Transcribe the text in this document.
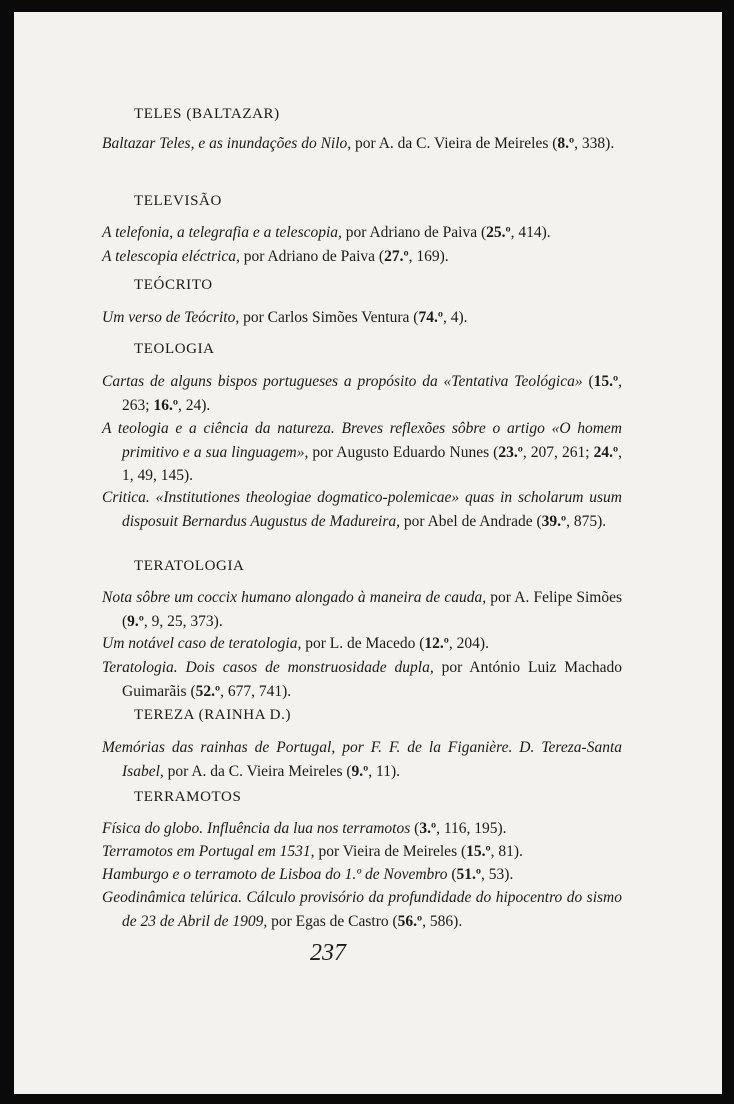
TELES (BALTAZAR)
Baltazar Teles, e as inundações do Nilo, por A. da C. Vieira de Meireles (8.º, 338).
TELEVISÃO
A telefonia, a telegrafia e a telescopia, por Adriano de Paiva (25.º, 414).
A telescopia eléctrica, por Adriano de Paiva (27.º, 169).
TEÓCRITO
Um verso de Teócrito, por Carlos Simões Ventura (74.º, 4).
TEOLOGIA
Cartas de alguns bispos portugueses a propósito da «Tentativa Teológica» (15.º, 263; 16.º, 24).
A teologia e a ciência da natureza. Breves reflexões sôbre o artigo «O homem primitivo e a sua linguagem», por Augusto Eduardo Nunes (23.º, 207, 261; 24.º, 1, 49, 145).
Critica. «Institutiones theologiae dogmatico-polemicae» quas in scholarum usum disposuit Bernardus Augustus de Madureira, por Abel de Andrade (39.º, 875).
TERATOLOGIA
Nota sôbre um coccix humano alongado à maneira de cauda, por A. Felipe Simões (9.º, 9, 25, 373).
Um notável caso de teratologia, por L. de Macedo (12.º, 204).
Teratologia. Dois casos de monstruosidade dupla, por António Luiz Machado Guimarãis (52.º, 677, 741).
TEREZA (RAINHA D.)
Memórias das rainhas de Portugal, por F. F. de la Figanière. D. Tereza-Santa Isabel, por A. da C. Vieira Meireles (9.º, 11).
TERRAMOTOS
Física do globo. Influência da lua nos terramotos (3.º, 116, 195).
Terramotos em Portugal em 1531, por Vieira de Meireles (15.º, 81).
Hamburgo e o terramoto de Lisboa do 1.º de Novembro (51.º, 53).
Geodinâmica telúrica. Cálculo provisório da profundidade do hipocentro do sismo de 23 de Abril de 1909, por Egas de Castro (56.º, 586).
237
